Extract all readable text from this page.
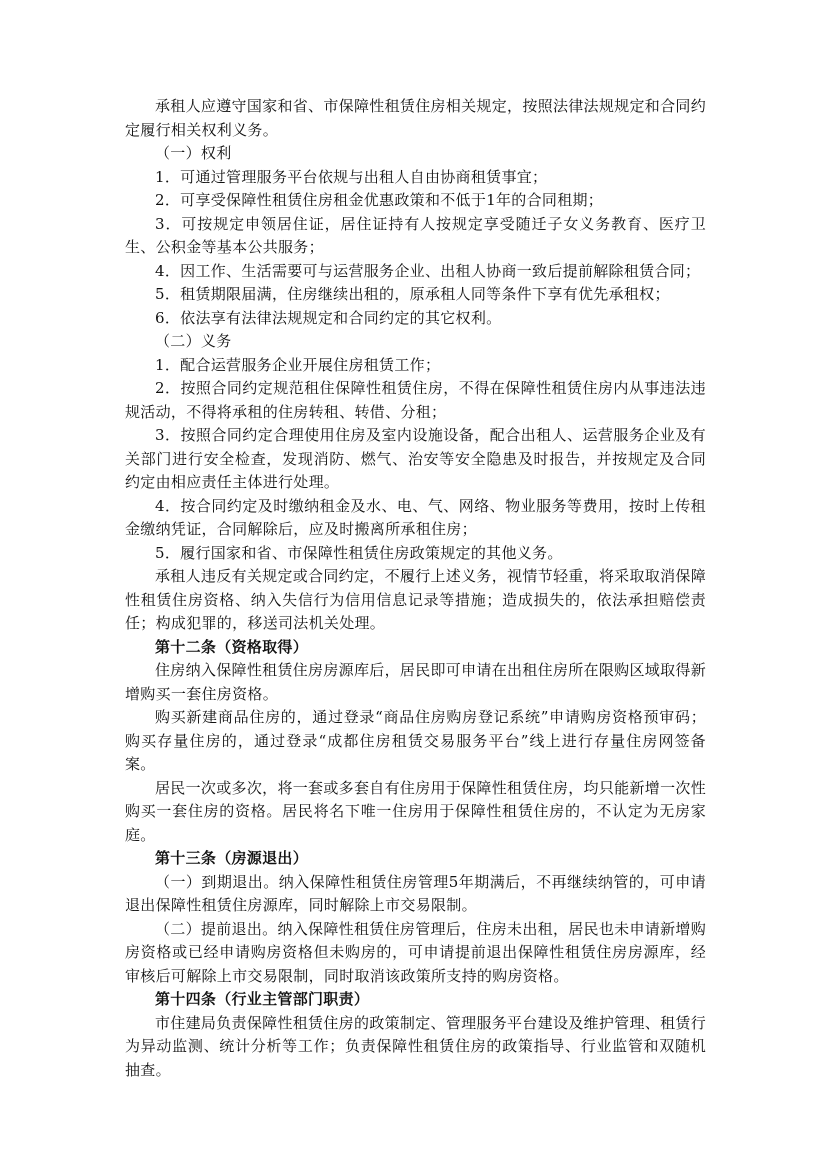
承租人应遵守国家和省、市保障性租赁住房相关规定，按照法律法规规定和合同约定履行相关权利义务。

（一）权利

1．可通过管理服务平台依规与出租人自由协商租赁事宜；

2．可享受保障性租赁住房租金优惠政策和不低于1年的合同租期；

3．可按规定申领居住证，居住证持有人按规定享受随迁子女义务教育、医疗卫生、公积金等基本公共服务；

4．因工作、生活需要可与运营服务企业、出租人协商一致后提前解除租赁合同；

5．租赁期限届满，住房继续出租的，原承租人同等条件下享有优先承租权；

6．依法享有法律法规规定和合同约定的其它权利。

（二）义务

1．配合运营服务企业开展住房租赁工作；

2．按照合同约定规范租住保障性租赁住房，不得在保障性租赁住房内从事违法违规活动，不得将承租的住房转租、转借、分租；

3．按照合同约定合理使用住房及室内设施设备，配合出租人、运营服务企业及有关部门进行安全检查，发现消防、燃气、治安等安全隐患及时报告，并按规定及合同约定由相应责任主体进行处理。

4．按合同约定及时缴纳租金及水、电、气、网络、物业服务等费用，按时上传租金缴纳凭证，合同解除后，应及时搬离所承租住房；

5．履行国家和省、市保障性租赁住房政策规定的其他义务。

承租人违反有关规定或合同约定，不履行上述义务，视情节轻重，将采取取消保障性租赁住房资格、纳入失信行为信用信息记录等措施；造成损失的，依法承担赔偿责任；构成犯罪的，移送司法机关处理。

第十二条（资格取得）

住房纳入保障性租赁住房房源库后，居民即可申请在出租住房所在限购区域取得新增购买一套住房资格。

购买新建商品住房的，通过登录“商品住房购房登记系统”申请购房资格预审码；购买存量住房的，通过登录“成都住房租赁交易服务平台”线上进行存量住房网签备案。

居民一次或多次，将一套或多套自有住房用于保障性租赁住房，均只能新增一次性购买一套住房的资格。居民将名下唯一住房用于保障性租赁住房的，不认定为无房家庭。

第十三条（房源退出）

（一）到期退出。纳入保障性租赁住房管理5年期满后，不再继续纳管的，可申请退出保障性租赁住房源库，同时解除上市交易限制。

（二）提前退出。纳入保障性租赁住房管理后，住房未出租，居民也未申请新增购房资格或已经申请购房资格但未购房的，可申请提前退出保障性租赁住房房源库，经审核后可解除上市交易限制，同时取消该政策所支持的购房资格。

第十四条（行业主管部门职责）

市住建局负责保障性租赁住房的政策制定、管理服务平台建设及维护管理、租赁行为异动监测、统计分析等工作；负责保障性租赁住房的政策指导、行业监管和双随机抽查。
